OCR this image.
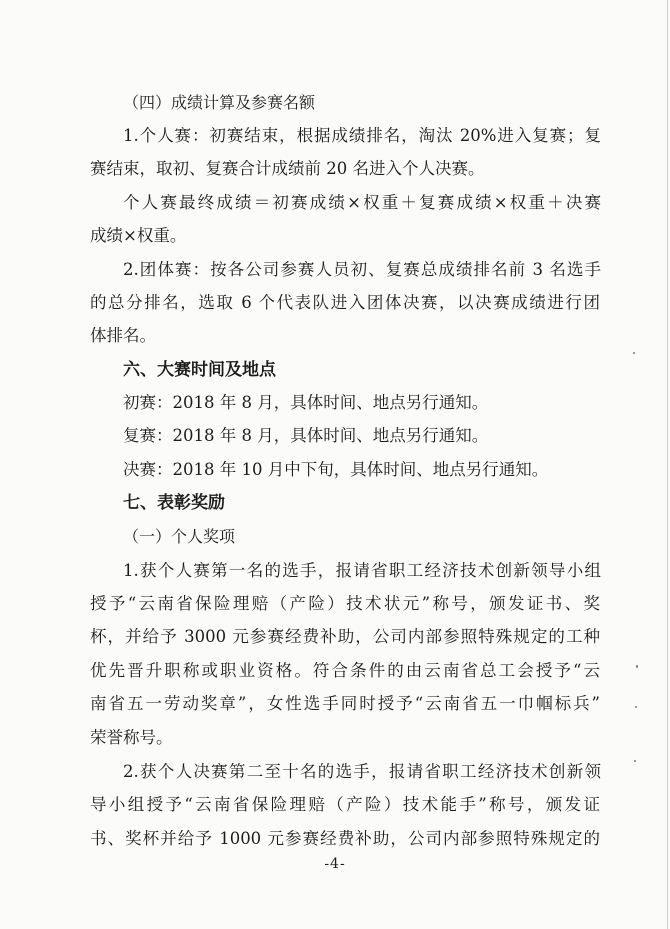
（四）成绩计算及参赛名额
1.个人赛：初赛结束，根据成绩排名，淘汰 20%进入复赛；复
赛结束，取初、复赛合计成绩前 20 名进入个人决赛。
个人赛最终成绩＝初赛成绩×权重＋复赛成绩×权重＋决赛
成绩×权重。
2.团体赛：按各公司参赛人员初、复赛总成绩排名前 3 名选手
的总分排名，选取 6 个代表队进入团体决赛，以决赛成绩进行团
体排名。
六、大赛时间及地点
初赛：2018 年 8 月，具体时间、地点另行通知。
复赛：2018 年 8 月，具体时间、地点另行通知。
决赛：2018 年 10 月中下旬，具体时间、地点另行通知。
七、表彰奖励
（一）个人奖项
1.获个人赛第一名的选手，报请省职工经济技术创新领导小组
授予“云南省保险理赔（产险）技术状元”称号，颁发证书、奖
杯，并给予 3000 元参赛经费补助，公司内部参照特殊规定的工种
优先晋升职称或职业资格。符合条件的由云南省总工会授予“云
南省五一劳动奖章”，女性选手同时授予“云南省五一巾帼标兵”
荣誉称号。
2.获个人决赛第二至十名的选手，报请省职工经济技术创新领
导小组授予“云南省保险理赔（产险）技术能手”称号，颁发证
书、奖杯并给予 1000 元参赛经费补助，公司内部参照特殊规定的
-4-
